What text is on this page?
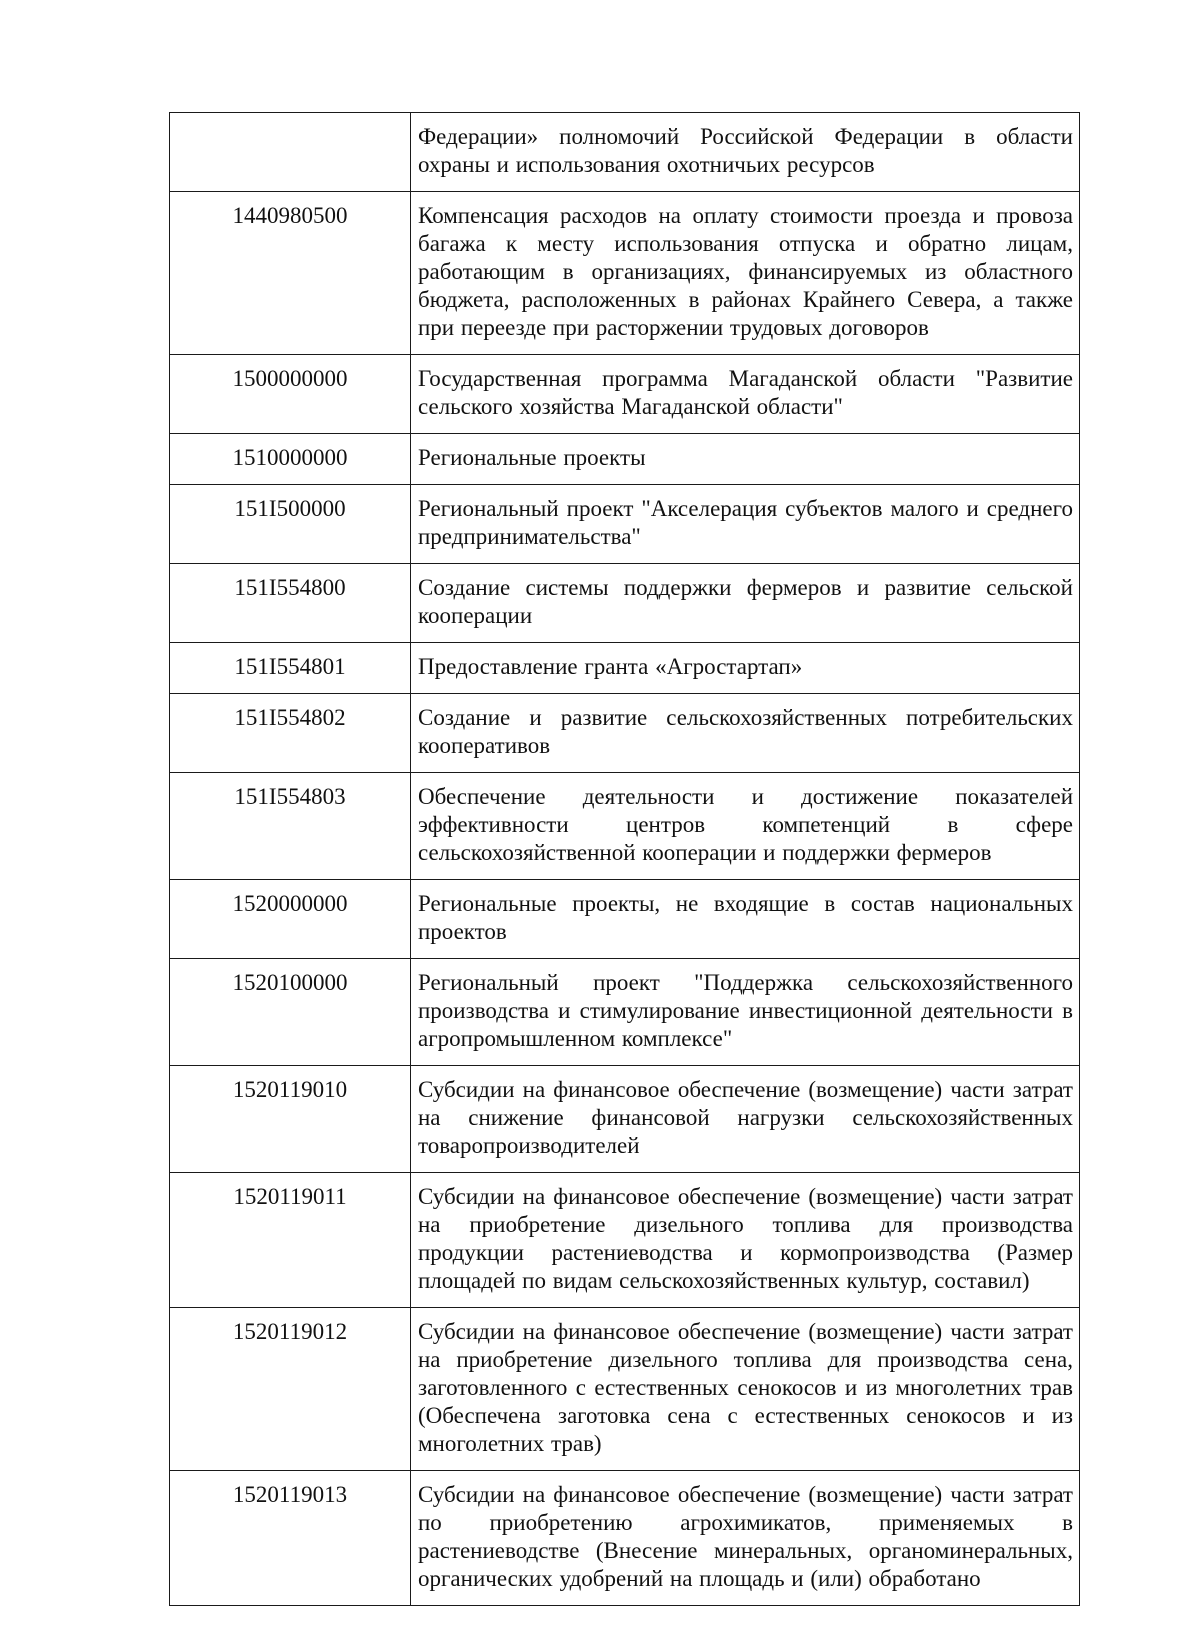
	Федерации» полномочий Российской Федерации в области охраны и использования охотничьих ресурсов
1440980500	Компенсация расходов на оплату стоимости проезда и провоза багажа к месту использования отпуска и обратно лицам, работающим в организациях, финансируемых из областного бюджета, расположенных в районах Крайнего Севера, а также при переезде при расторжении трудовых договоров
1500000000	Государственная программа Магаданской области "Развитие сельского хозяйства Магаданской области"
1510000000	Региональные проекты
151I500000	Региональный проект "Акселерация субъектов малого и среднего предпринимательства"
151I554800	Создание системы поддержки фермеров и развитие сельской кооперации
151I554801	Предоставление гранта «Агростартап»
151I554802	Создание и развитие сельскохозяйственных потребительских кооперативов
151I554803	Обеспечение деятельности и достижение показателей эффективности центров компетенций в сфере сельскохозяйственной кооперации и поддержки фермеров
1520000000	Региональные проекты, не входящие в состав национальных проектов
1520100000	Региональный проект "Поддержка сельскохозяйственного производства и стимулирование инвестиционной деятельности в агропромышленном комплексе"
1520119010	Субсидии на финансовое обеспечение (возмещение) части затрат на снижение финансовой нагрузки сельскохозяйственных товаропроизводителей
1520119011	Субсидии на финансовое обеспечение (возмещение) части затрат на приобретение дизельного топлива для производства продукции растениеводства и кормопроизводства (Размер площадей по видам сельскохозяйственных культур, составил)
1520119012	Субсидии на финансовое обеспечение (возмещение) части затрат на приобретение дизельного топлива для производства сена, заготовленного с естественных сенокосов и из многолетних трав (Обеспечена заготовка сена с естественных сенокосов и из многолетних трав)
1520119013	Субсидии на финансовое обеспечение (возмещение) части затрат по приобретению агрохимикатов, применяемых в растениеводстве (Внесение минеральных, органоминеральных, органических удобрений на площадь и (или) обработано
